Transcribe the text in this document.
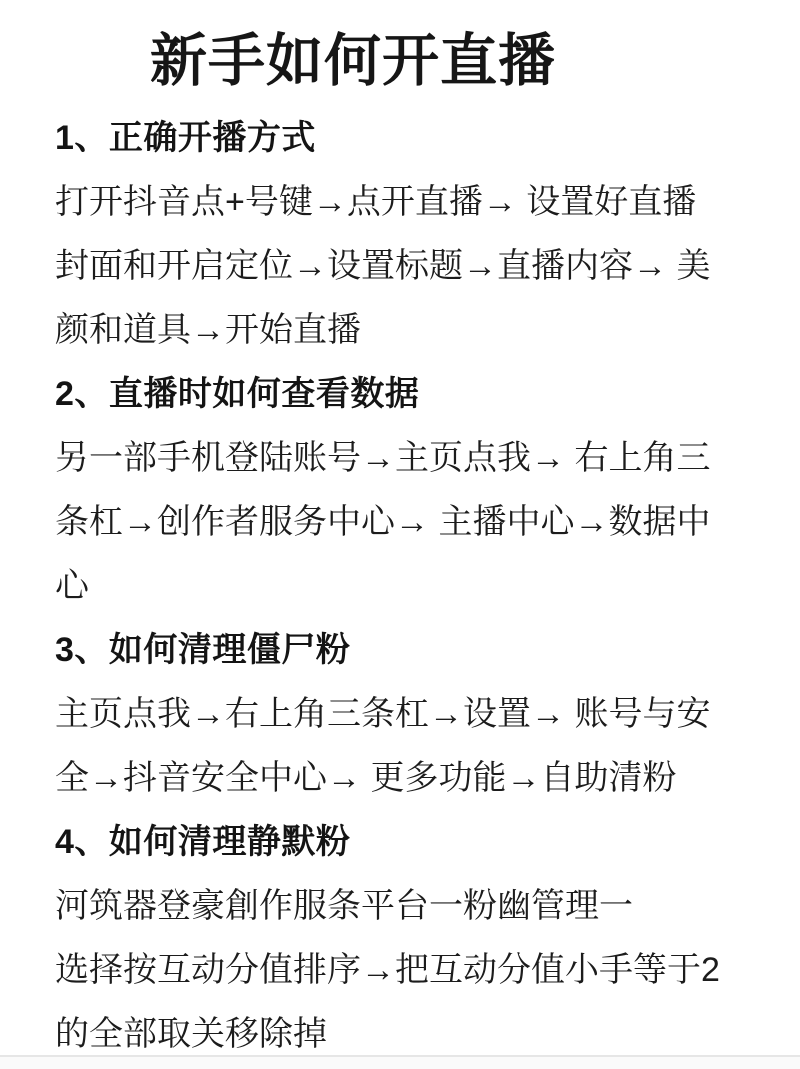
新手如何开直播
1、正确开播方式
打开抖音点+号键→点开直播→ 设置好直播
封面和开启定位→设置标题→直播内容→ 美
颜和道具→开始直播
2、直播时如何查看数据
另一部手机登陆账号→主页点我→ 右上角三
条杠→创作者服务中心→ 主播中心→数据中
心
3、如何清理僵尸粉
主页点我→右上角三条杠→设置→ 账号与安
全→抖音安全中心→ 更多功能→自助清粉
4、如何清理静默粉
河筑器登豪創作服条平台一粉幽管理一
选择按互动分值排序→把互动分值小手等于2
的全部取关移除掉
